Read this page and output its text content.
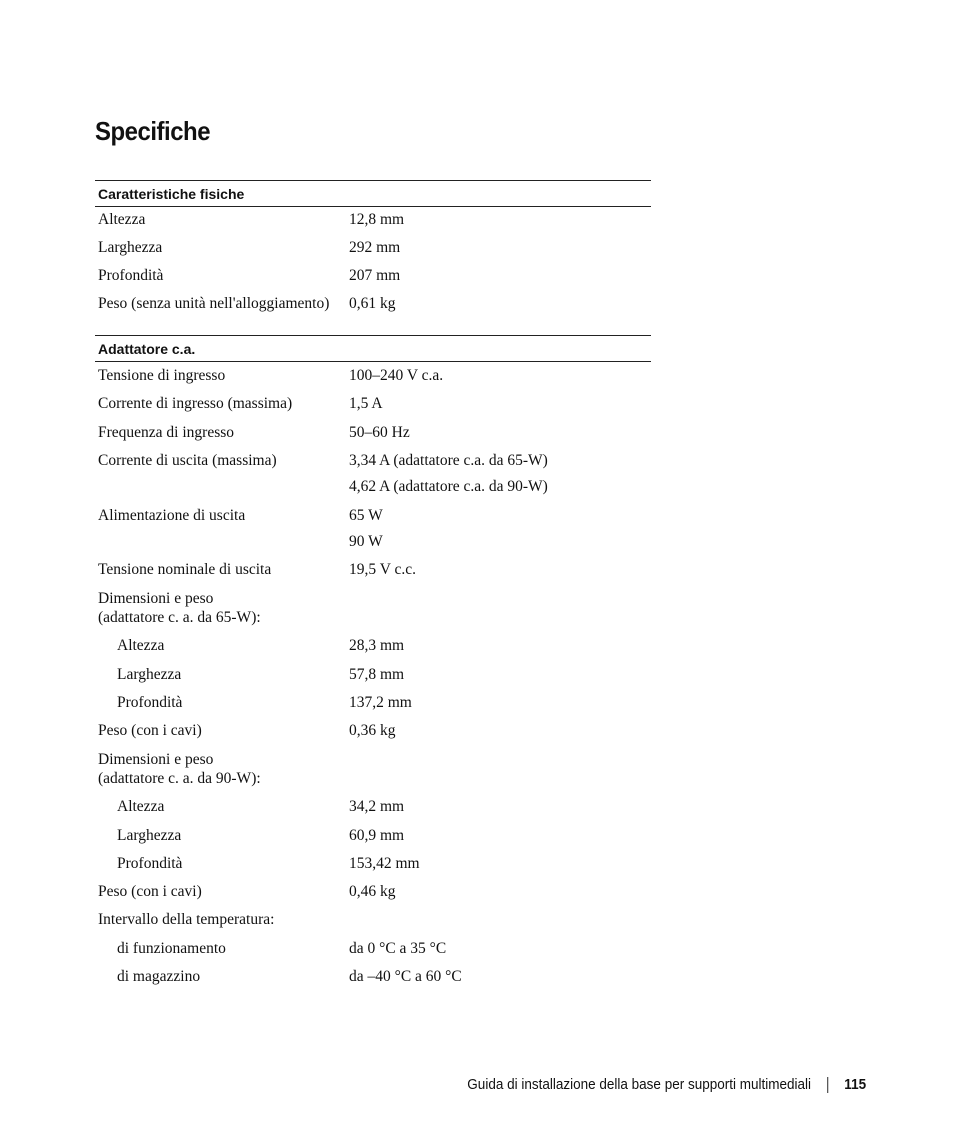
Specifiche
Caratteristiche fisiche
Altezza	12,8 mm
Larghezza	292 mm
Profondità	207 mm
Peso (senza unità nell'alloggiamento)	0,61 kg
Adattatore c.a.
Tensione di ingresso	100–240 V c.a.
Corrente di ingresso (massima)	1,5 A
Frequenza di ingresso	50–60 Hz
Corrente di uscita (massima)	3,34 A (adattatore c.a. da 65-W)
4,62 A (adattatore c.a. da 90-W)
Alimentazione di uscita	65 W
90 W
Tensione nominale di uscita	19,5 V c.c.
Dimensioni e peso
(adattatore c. a. da 65-W):
Altezza	28,3 mm
Larghezza	57,8 mm
Profondità	137,2 mm
Peso (con i cavi)	0,36 kg
Dimensioni e peso
(adattatore c. a. da 90-W):
Altezza	34,2 mm
Larghezza	60,9 mm
Profondità	153,42 mm
Peso (con i cavi)	0,46 kg
Intervallo della temperatura:
di funzionamento	da 0 °C a 35 °C
di magazzino	da –40 °C a 60 °C
Guida di installazione della base per supporti multimediali 115
